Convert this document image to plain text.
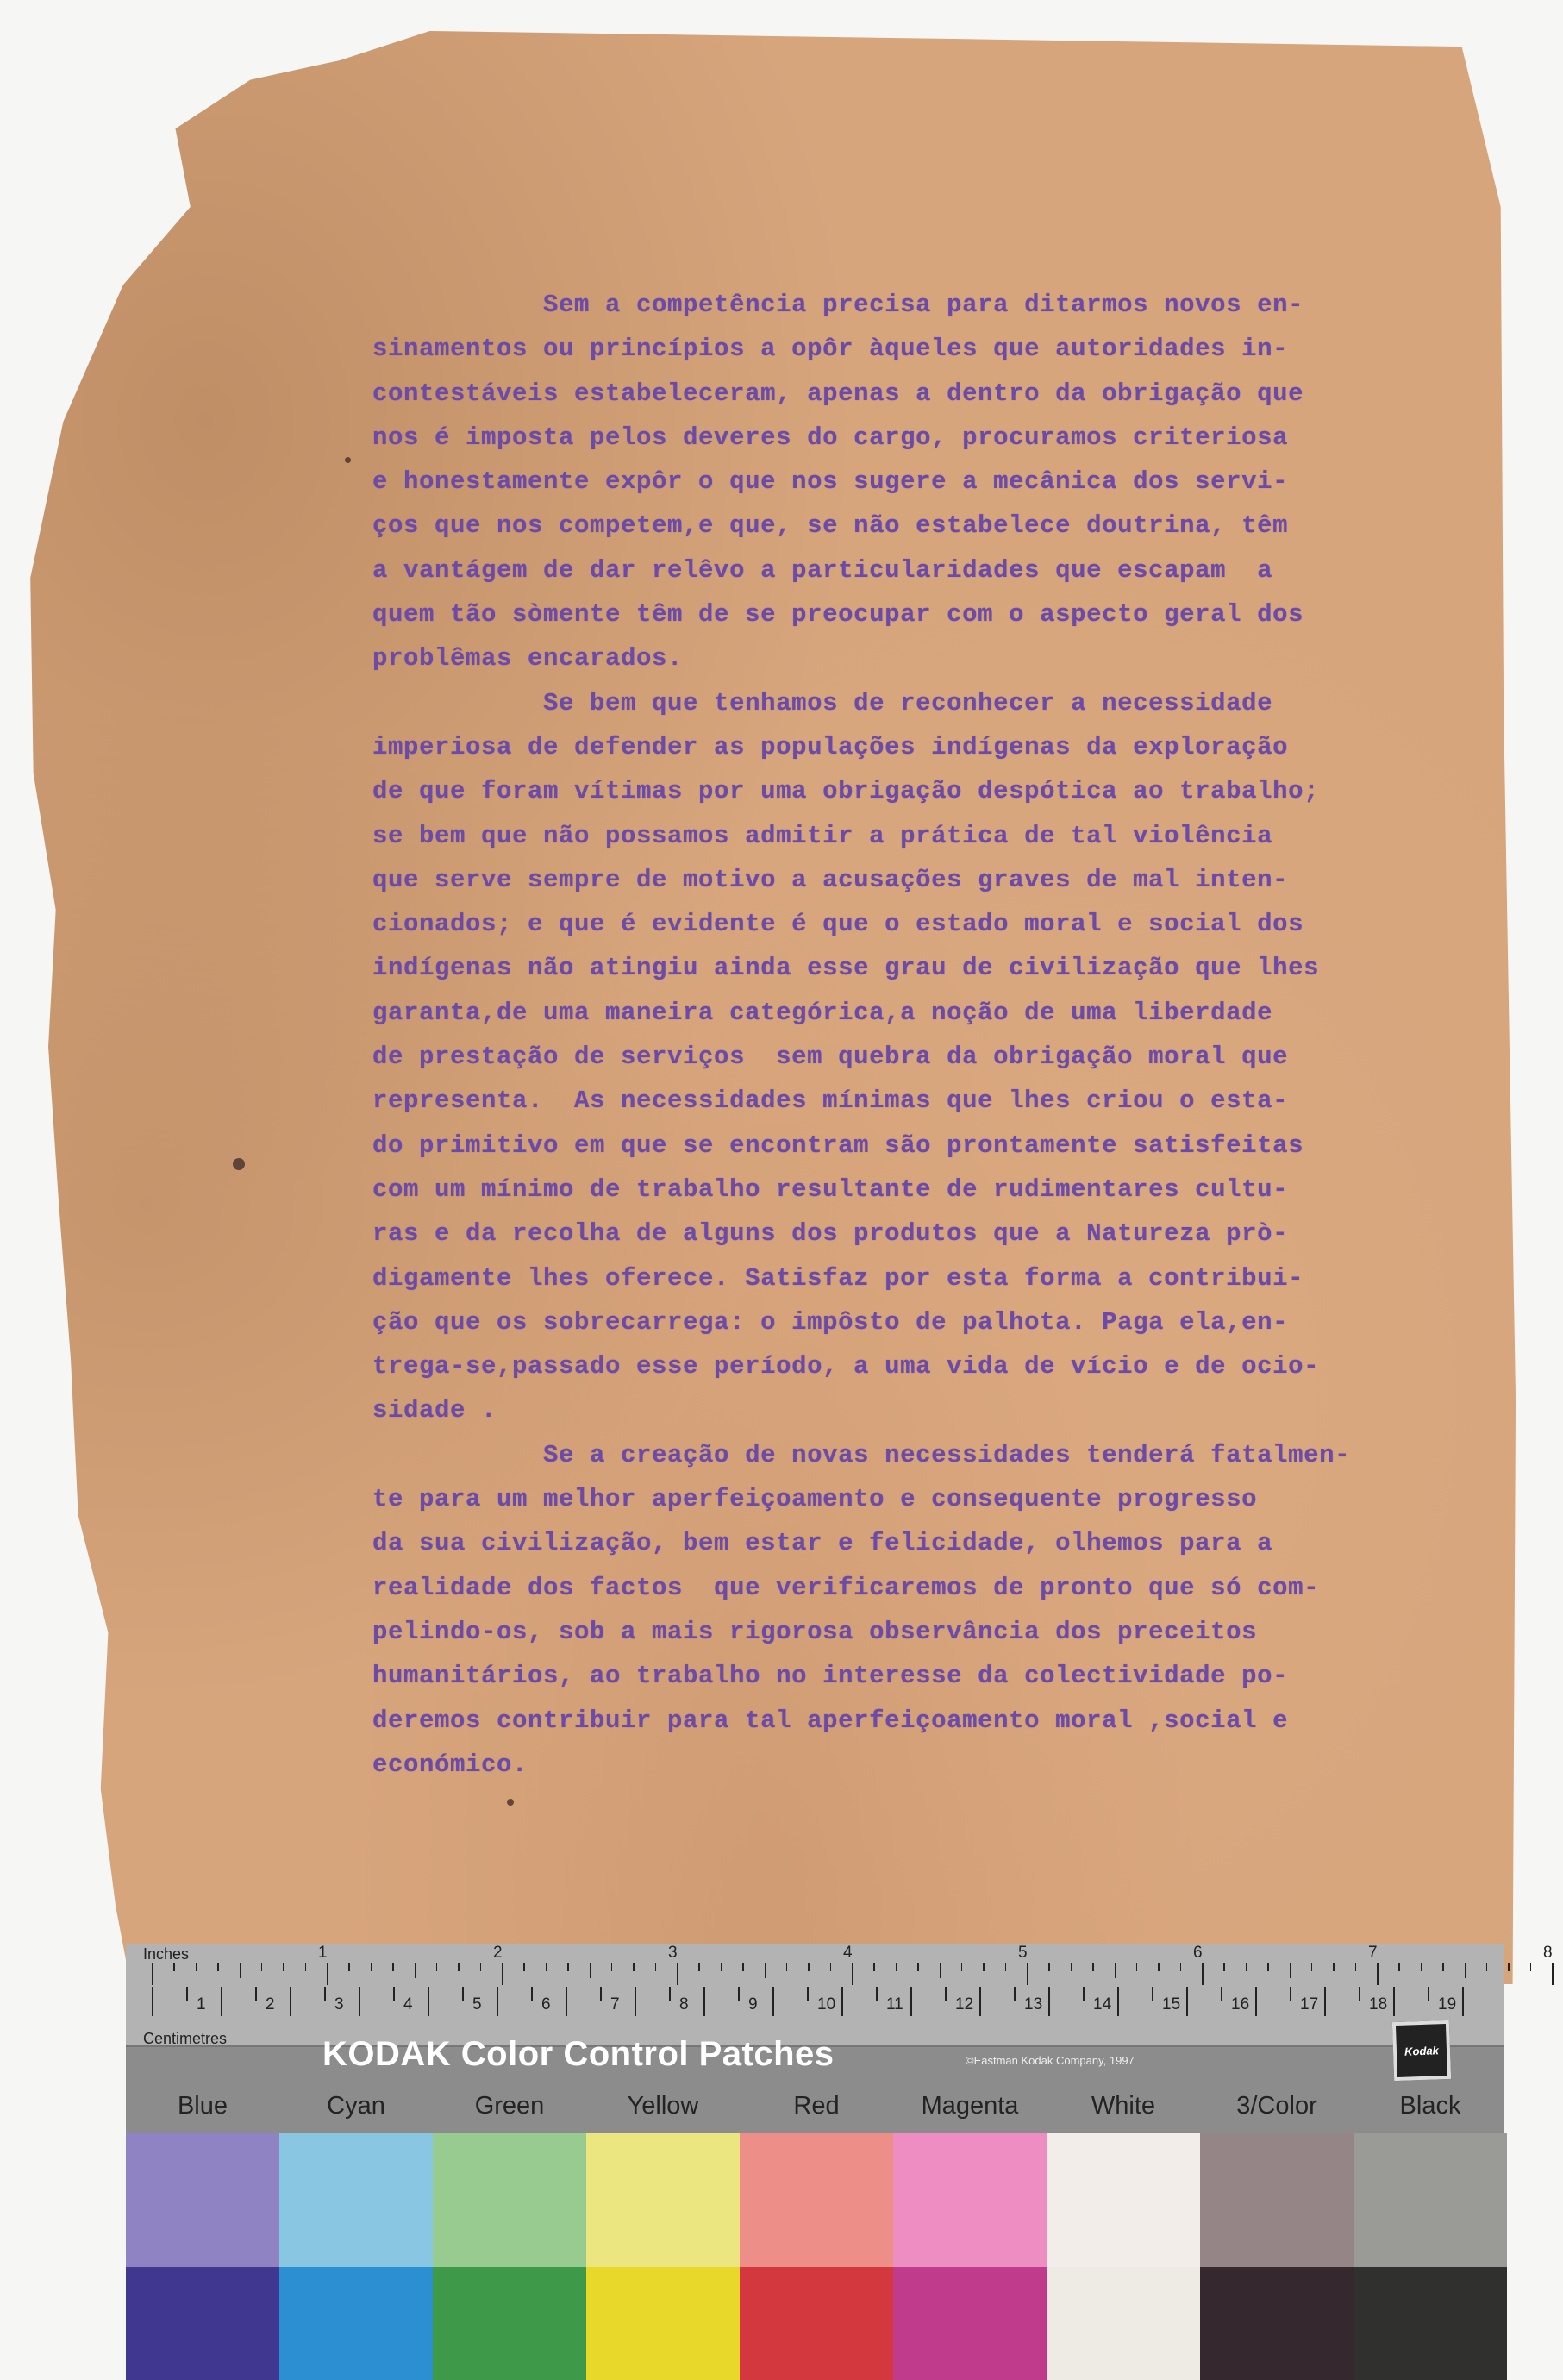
Sem a competência precisa para ditarmos novos en-
sinamentos ou princípios a opôr àqueles que autoridades in-
contestáveis estabeleceram, apenas a dentro da obrigação que
nos é imposta pelos deveres do cargo, procuramos criteriosa
e honestamente expôr o que nos sugere a mecânica dos servi-
ços que nos competem,e que, se não estabelece doutrina, têm
a vantágem de dar relêvo a particularidades que escapam  a
quem tão sòmente têm de se preocupar com o aspecto geral dos
problêmas encarados.

Se bem que tenhamos de reconhecer a necessidade
imperiosa de defender as populações indígenas da exploração
de que foram vítimas por uma obrigação despótica ao trabalho;
se bem que não possamos admitir a prática de tal violência
que serve sempre de motivo a acusações graves de mal inten-
cionados; e que é evidente é que o estado moral e social dos
indígenas não atingiu ainda esse grau de civilização que lhes
garanta,de uma maneira categórica,a noção de uma liberdade
de prestação de serviços  sem quebra da obrigação moral que
representa.  As necessidades mínimas que lhes criou o esta-
do primitivo em que se encontram são prontamente satisfeitas
com um mínimo de trabalho resultante de rudimentares cultu-
ras e da recolha de alguns dos produtos que a Natureza prò-
digamente lhes oferece. Satisfaz por esta forma a contribui-
ção que os sobrecarrega: o impôsto de palhota. Paga ela,en-
trega-se,passado esse período, a uma vida de vício e de ocio-
sidade .

Se a creação de novas necessidades tenderá fatalmen-
te para um melhor aperfeiçoamento e consequente progresso
da sua civilização, bem estar e felicidade, olhemos para a
realidade dos factos  que verificaremos de pronto que só com-
pelindo-os, sob a mais rigorosa observância dos preceitos
humanitários, ao trabalho no interesse da colectividade po-
deremos contribuir para tal aperfeiçoamento moral ,social e
económico.

Inches
Centimetres
1	2	3	4	5	6	7	8
1	2	3	4	5	6	7	8	9	10	11	12	13	14	15	16	17	18	19
KODAK Color Control Patches	©Eastman Kodak Company, 1997
Kodak
Blue	Cyan	Green	Yellow	Red	Magenta	White	3/Color	Black
